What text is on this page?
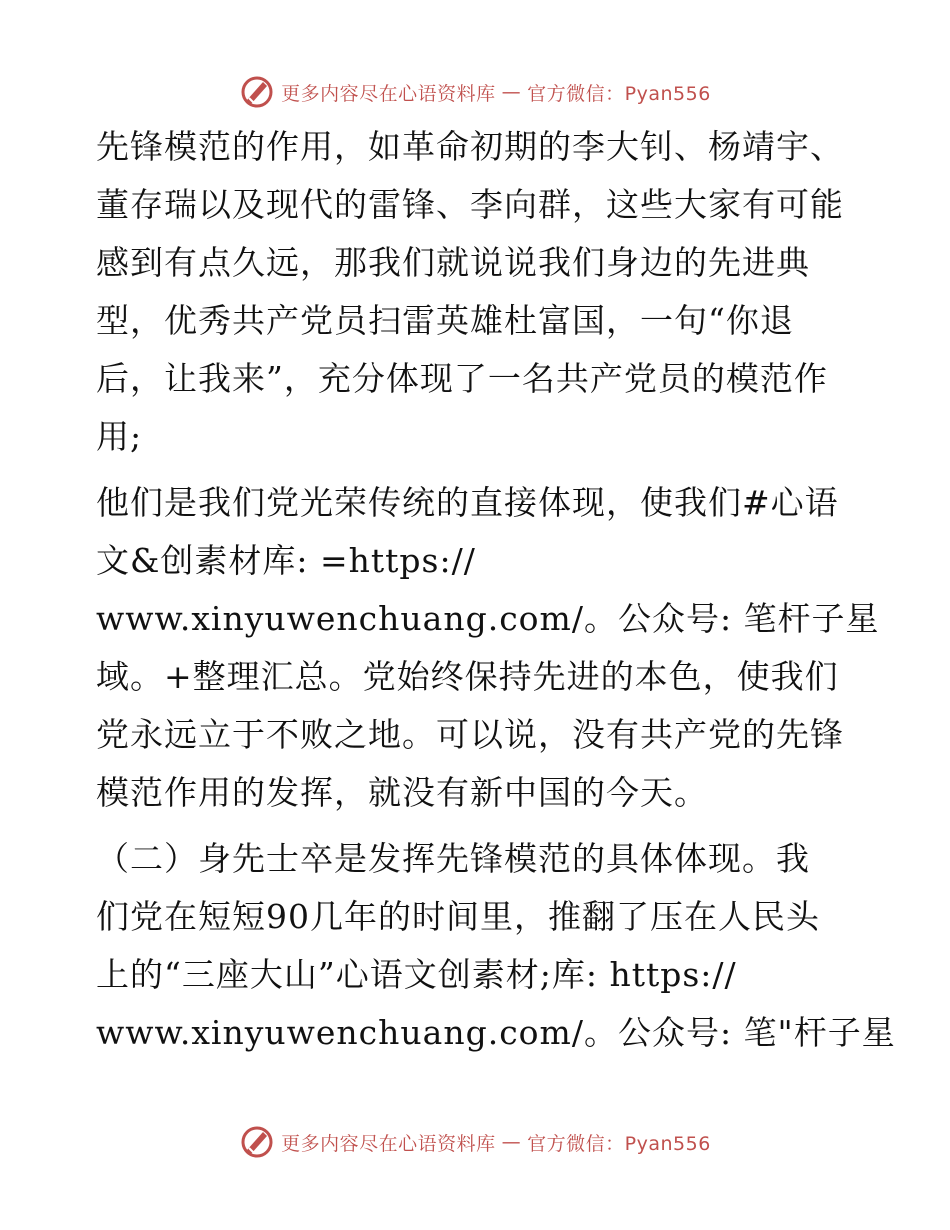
更多内容尽在心语资料库 — 官方微信：Pyan556
先锋模范的作用，如革命初期的李大钊、杨靖宇、
董存瑞以及现代的雷锋、李向群，这些大家有可能
感到有点久远，那我们就说说我们身边的先进典
型，优秀共产党员扫雷英雄杜富国，一句“你退
后，让我来”，充分体现了一名共产党员的模范作
用;
他们是我们党光荣传统的直接体现，使我们#心语
文&创素材库: =https://
www.xinyuwenchuang.com/。公众号: 笔杆子星
域。+整理汇总。党始终保持先进的本色，使我们
党永远立于不败之地。可以说，没有共产党的先锋
模范作用的发挥，就没有新中国的今天。
（二）身先士卒是发挥先锋模范的具体体现。我
们党在短短90几年的时间里，推翻了压在人民头
上的“三座大山”心语文创素材;库: https://
www.xinyuwenchuang.com/。公众号: 笔"杆子星
更多内容尽在心语资料库 — 官方微信：Pyan556
